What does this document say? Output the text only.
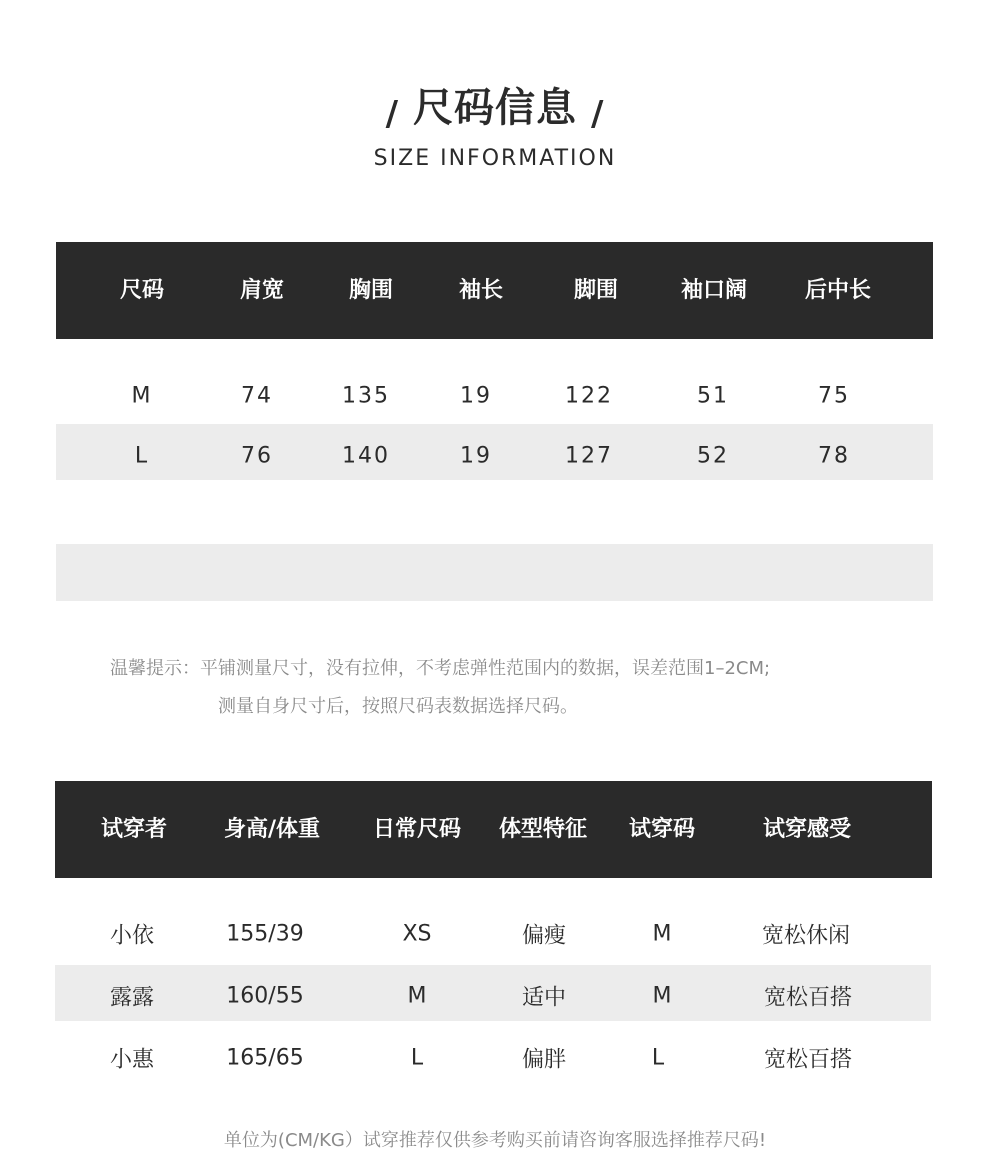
/ 尺码信息 /
SIZE INFORMATION
尺码	肩宽	胸围	袖长	脚围	袖口阔	后中长
M	74	135	19	122	51	75
L	76	140	19	127	52	78
温馨提示：平铺测量尺寸，没有拉伸，不考虑弹性范围内的数据，误差范围1–2CM;
测量自身尺寸后，按照尺码表数据选择尺码。
试穿者	身高/体重 日常尺码 体型特征 试穿码	试穿感受
小依	155/39	XS	偏瘦	M	宽松休闲
露露	160/55	M	适中	M	宽松百搭
小惠	165/65	L	偏胖	L	宽松百搭
单位为(CM/KG）试穿推荐仅供参考购买前请咨询客服选择推荐尺码!
